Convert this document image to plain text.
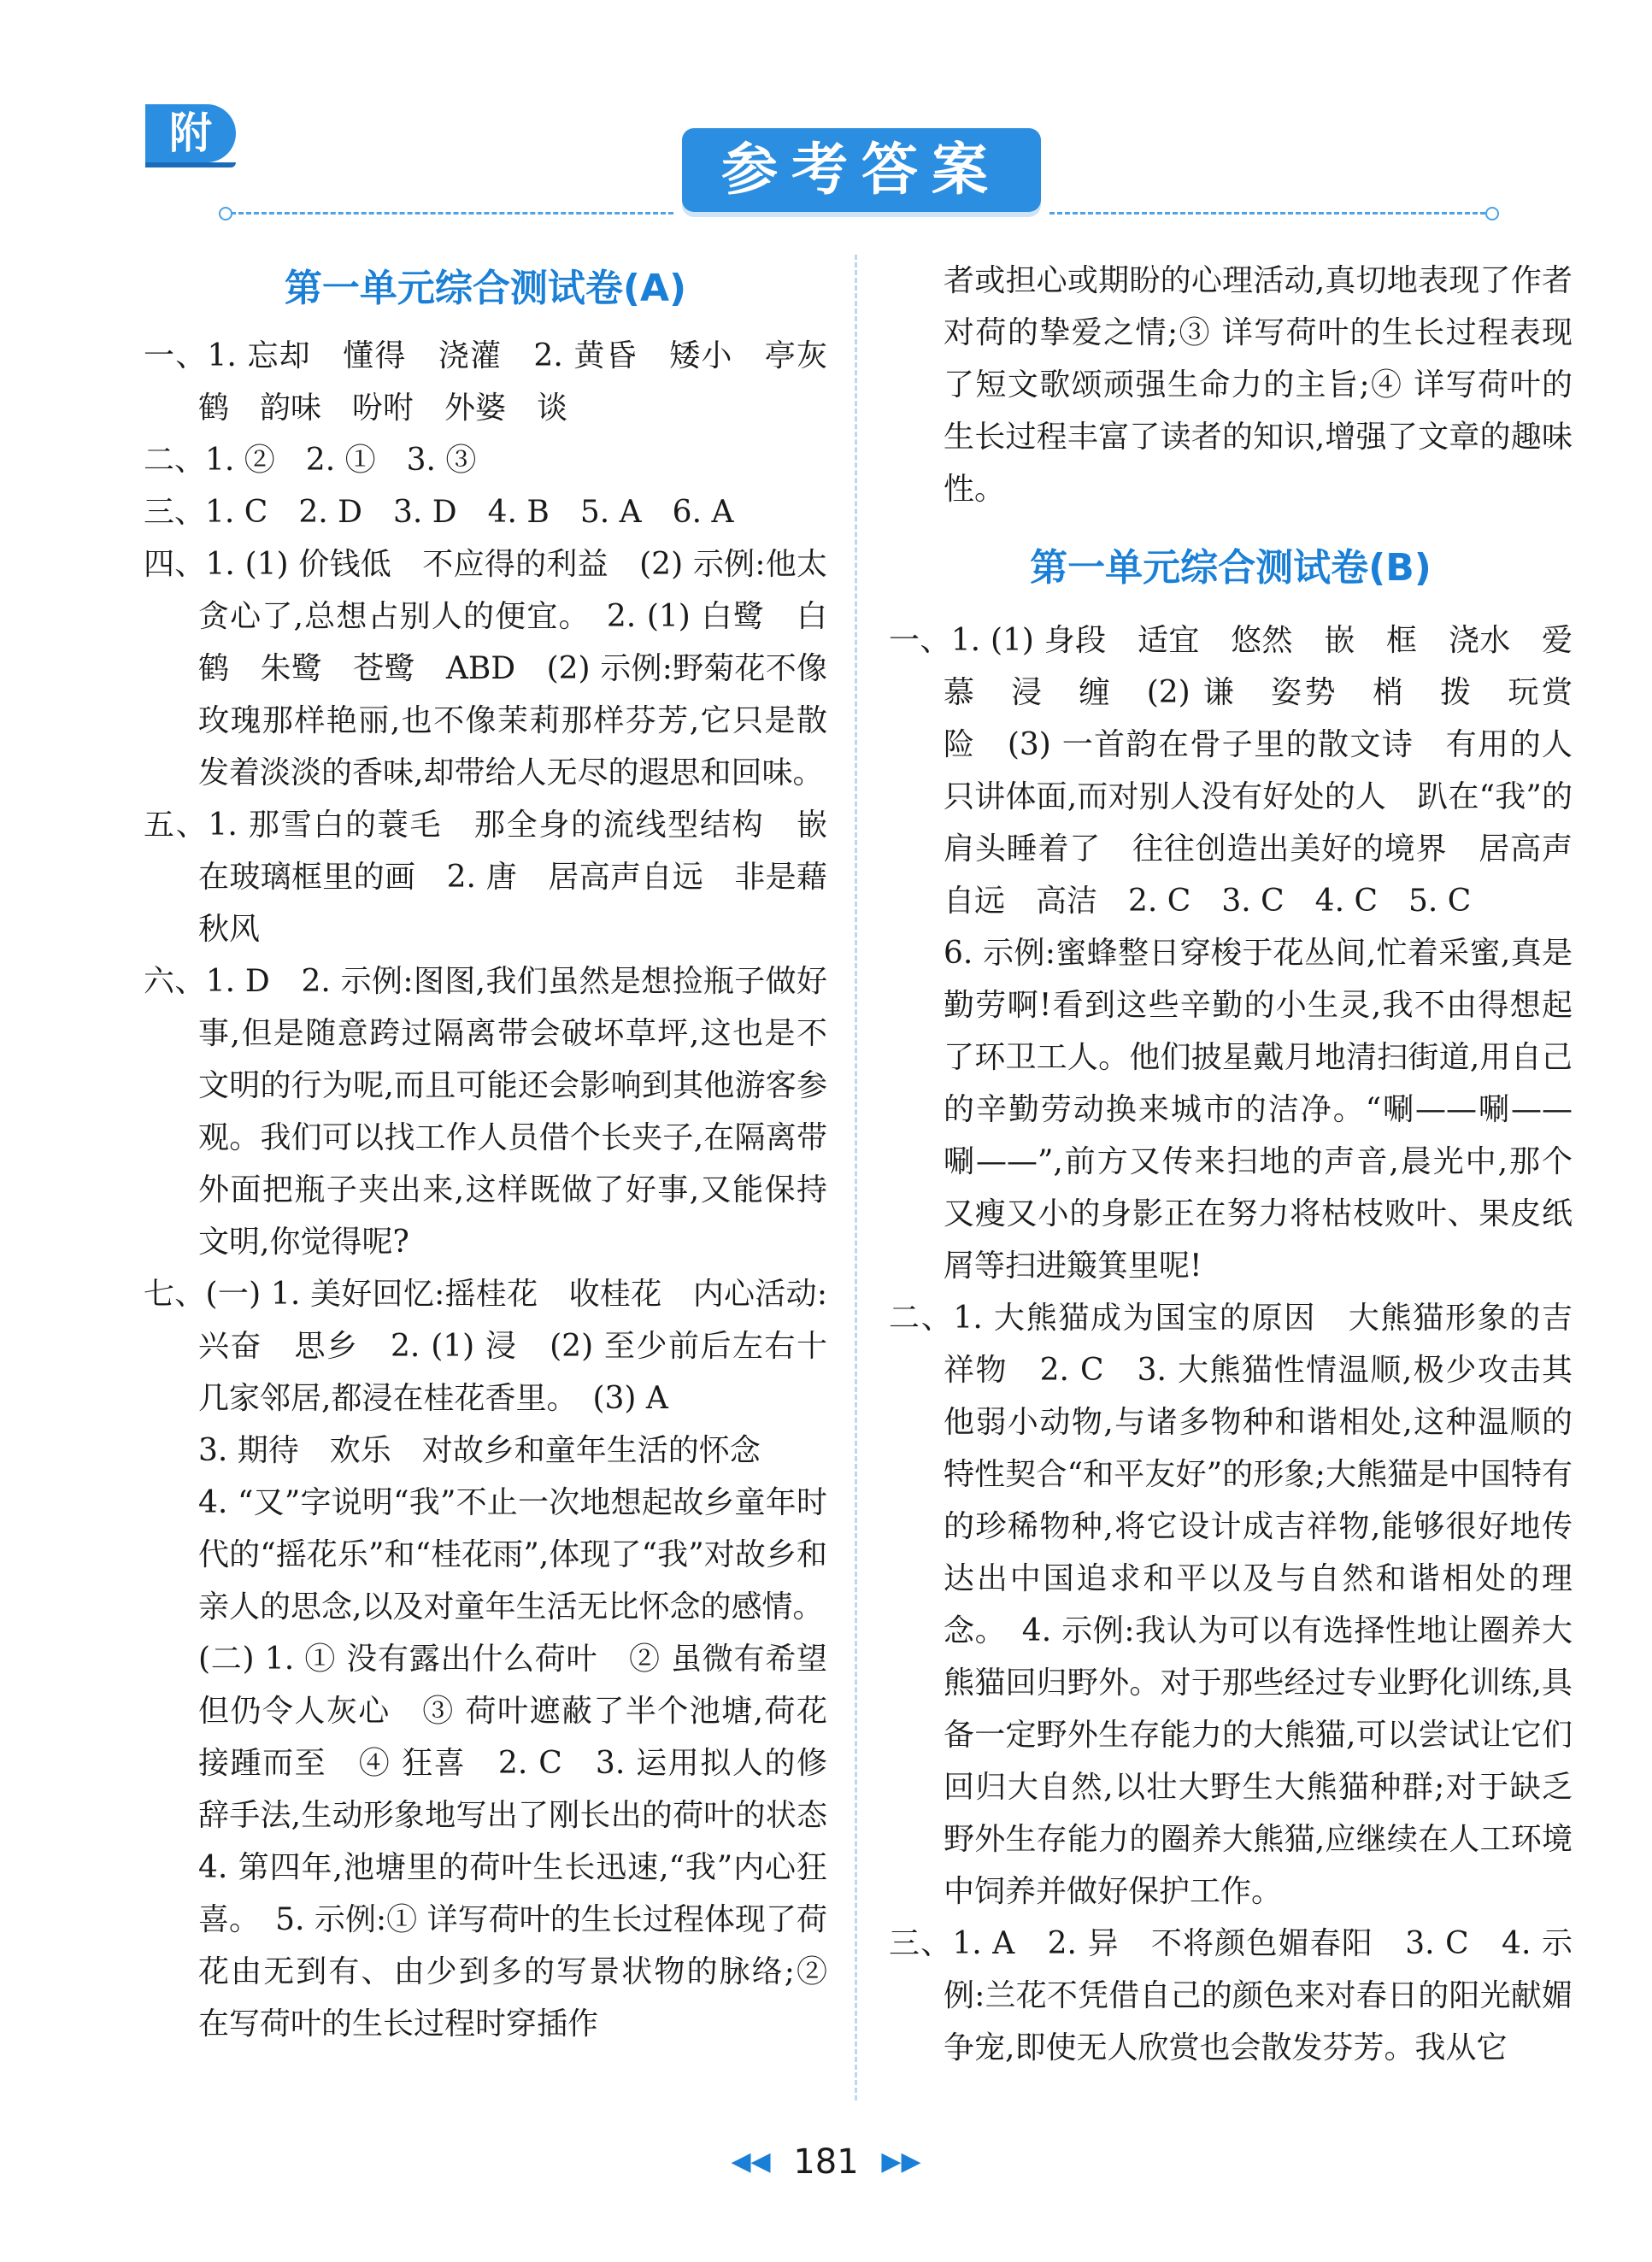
附
参考答案
第一单元综合测试卷(A)

一、1. 忘却　懂得　浇灌　2. 黄昏　矮小　亭灰鹤　韵味　吩咐　外婆　谈

二、1. ②　2. ①　3. ③

三、1. C　2. D　3. D　4. B　5. A　6. A

四、1. (1) 价钱低　不应得的利益　(2) 示例:他太贪心了,总想占别人的便宜。　2. (1) 白鹭　白鹤　朱鹭　苍鹭　ABD　(2) 示例:野菊花不像玫瑰那样艳丽,也不像茉莉那样芬芳,它只是散发着淡淡的香味,却带给人无尽的遐思和回味。

五、1. 那雪白的蓑毛　那全身的流线型结构　嵌在玻璃框里的画　2. 唐　居高声自远　非是藉秋风

六、1. D　2. 示例:图图,我们虽然是想捡瓶子做好事,但是随意跨过隔离带会破坏草坪,这也是不文明的行为呢,而且可能还会影响到其他游客参观。我们可以找工作人员借个长夹子,在隔离带外面把瓶子夹出来,这样既做了好事,又能保持文明,你觉得呢?

七、(一) 1. 美好回忆:摇桂花　收桂花　内心活动:兴奋　思乡　2. (1) 浸　(2) 至少前后左右十几家邻居,都浸在桂花香里。　(3) A

3. 期待　欢乐　对故乡和童年生活的怀念

4. “又”字说明“我”不止一次地想起故乡童年时代的“摇花乐”和“桂花雨”,体现了“我”对故乡和亲人的思念,以及对童年生活无比怀念的感情。

(二) 1. ① 没有露出什么荷叶　② 虽微有希望但仍令人灰心　③ 荷叶遮蔽了半个池塘,荷花接踵而至　④ 狂喜　2. C　3. 运用拟人的修辞手法,生动形象地写出了刚长出的荷叶的状态　4. 第四年,池塘里的荷叶生长迅速,“我”内心狂喜。　5. 示例:① 详写荷叶的生长过程体现了荷花由无到有、由少到多的写景状物的脉络;② 在写荷叶的生长过程时穿插作

者或担心或期盼的心理活动,真切地表现了作者对荷的挚爱之情;③ 详写荷叶的生长过程表现了短文歌颂顽强生命力的主旨;④ 详写荷叶的生长过程丰富了读者的知识,增强了文章的趣味性。

第一单元综合测试卷(B)

一、1. (1) 身段　适宜　悠然　嵌　框　浇水　爱慕　浸　缠　(2) 谦　姿势　梢　拨　玩赏　险　(3) 一首韵在骨子里的散文诗　有用的人　只讲体面,而对别人没有好处的人　趴在“我”的肩头睡着了　往往创造出美好的境界　居高声自远　高洁　2. C　3. C　4. C　5. C

6. 示例:蜜蜂整日穿梭于花丛间,忙着采蜜,真是勤劳啊!看到这些辛勤的小生灵,我不由得想起了环卫工人。他们披星戴月地清扫街道,用自己的辛勤劳动换来城市的洁净。“唰——唰——唰——”,前方又传来扫地的声音,晨光中,那个又瘦又小的身影正在努力将枯枝败叶、果皮纸屑等扫进簸箕里呢!

二、1. 大熊猫成为国宝的原因　大熊猫形象的吉祥物　2. C　3. 大熊猫性情温顺,极少攻击其他弱小动物,与诸多物种和谐相处,这种温顺的特性契合“和平友好”的形象;大熊猫是中国特有的珍稀物种,将它设计成吉祥物,能够很好地传达出中国追求和平以及与自然和谐相处的理念。　4. 示例:我认为可以有选择性地让圈养大熊猫回归野外。对于那些经过专业野化训练,具备一定野外生存能力的大熊猫,可以尝试让它们回归大自然,以壮大野生大熊猫种群;对于缺乏野外生存能力的圈养大熊猫,应继续在人工环境中饲养并做好保护工作。

三、1. A　2. 异　不将颜色媚春阳　3. C　4. 示例:兰花不凭借自己的颜色来对春日的阳光献媚争宠,即使无人欣赏也会散发芬芳。我从它

◀◀ 181 ▶▶
